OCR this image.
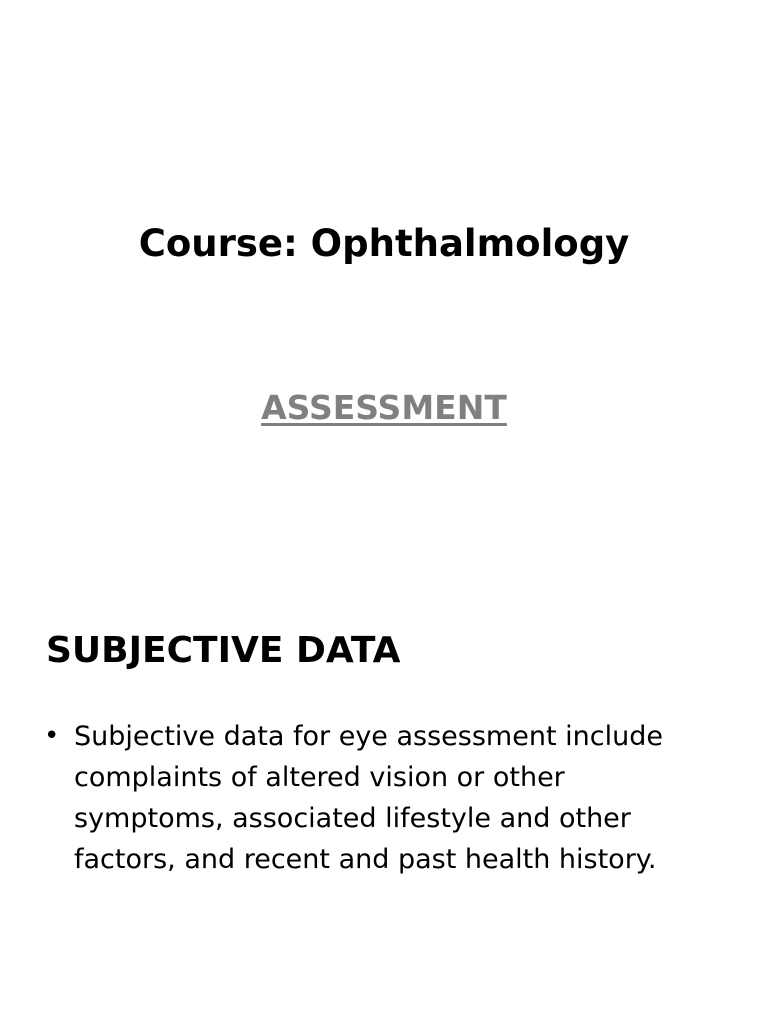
Course: Ophthalmology
ASSESSMENT
SUBJECTIVE DATA
• Subjective data for eye assessment include
complaints of altered vision or other
symptoms, associated lifestyle and other
factors, and recent and past health history.
